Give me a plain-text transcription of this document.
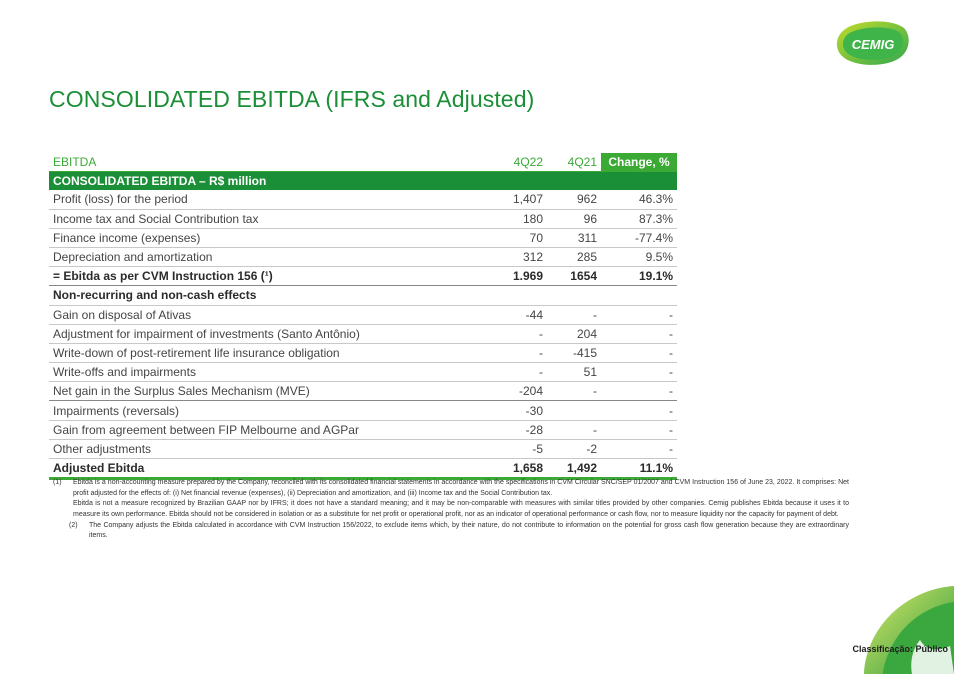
CEMIG
CONSOLIDATED EBITDA (IFRS and Adjusted)
EBITDA	4Q22	4Q21	Change, %
CONSOLIDATED EBITDA – R$ million			
Profit (loss) for the period	1,407	962	46.3%
Income tax and Social Contribution tax	180	96	87.3%
Finance income (expenses)	70	311	-77.4%
Depreciation and amortization	312	285	9.5%
= Ebitda as per CVM Instruction 156 (¹)	1.969	1654	19.1%
Non-recurring and non-cash effects			
Gain on disposal of Ativas	-44	-	-
Adjustment for impairment of investments (Santo Antônio)	-	204	-
Write-down of post-retirement life insurance obligation	-	-415	-
Write-offs and impairments	-	51	-
Net gain in the Surplus Sales Mechanism (MVE)	-204	-	-
Impairments (reversals)	-30		-
Gain from agreement between FIP Melbourne and AGPar	-28	-	-
Other adjustments	-5	-2	-
Adjusted Ebitda	1,658	1,492	11.1%
(1) Ebitda is a non-accounting measure prepared by the Company, reconciled with its consolidated financial statements in accordance with the specifications in CVM Circular SNC/SEP 01/2007 and CVM Instruction 156 of June 23, 2022. It comprises: Net profit adjusted for the effects of: (i) Net financial revenue (expenses), (ii) Depreciation and amortization, and (iii) Income tax and the Social Contribution tax.
Ebitda is not a measure recognized by Brazilian GAAP nor by IFRS; it does not have a standard meaning; and it may be non-comparable with measures with similar titles provided by other companies. Cemig publishes Ebitda because it uses it to measure its own performance. Ebitda should not be considered in isolation or as a substitute for net profit or operational profit, nor as an indicator of operational performance or cash flow, nor to measure liquidity nor the capacity for payment of debt.
(2) The Company adjusts the Ebitda calculated in accordance with CVM Instruction 156/2022, to exclude items which, by their nature, do not contribute to information on the potential for gross cash flow generation because they are extraordinary items.
Classificação: Público
